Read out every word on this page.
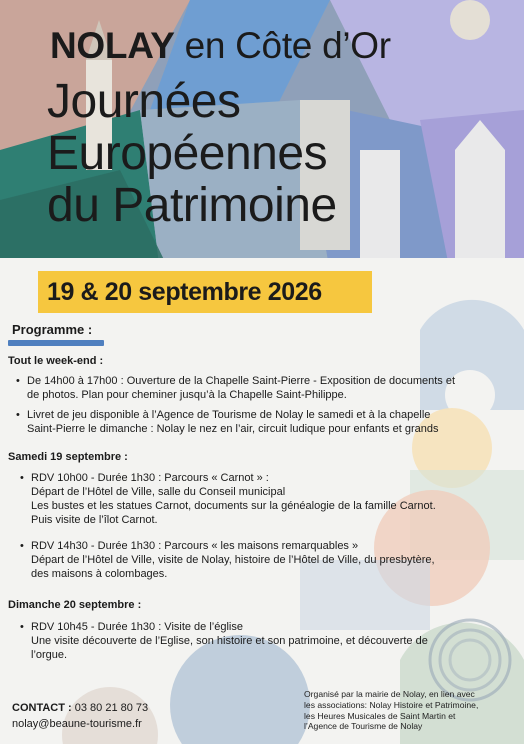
NOLAY en Côte d’Or
Journées
Européennes
du Patrimoine
19 & 20 septembre 2026
Programme :
Tout le week-end :
• De 14h00 à 17h00 : Ouverture de la Chapelle Saint-Pierre - Exposition de documents et
de photos. Plan pour cheminer jusqu’à la Chapelle Saint-Philippe.
• Livret de jeu disponible à l’Agence de Tourisme de Nolay le samedi et à la chapelle
Saint-Pierre le dimanche : Nolay le nez en l’air, circuit ludique pour enfants et grands
Samedi 19 septembre :
• RDV 10h00 - Durée 1h30 : Parcours « Carnot » :
Départ de l’Hôtel de Ville, salle du Conseil municipal
Les bustes et les statues Carnot, documents sur la généalogie de la famille Carnot.
Puis visite de l’îlot Carnot.
• RDV 14h30 - Durée 1h30 : Parcours « les maisons remarquables »
Départ de l’Hôtel de Ville, visite de Nolay, histoire de l’Hôtel de Ville, du presbytère,
des maisons à colombages.
Dimanche 20 septembre :
• RDV 10h45 - Durée 1h30 : Visite de l’église
Une visite découverte de l’Eglise, son histoire et son patrimoine, et découverte de
l’orgue.
CONTACT : 03 80 21 80 73
nolay@beaune-tourisme.fr
Organisé par la mairie de Nolay, en lien avec
les associations: Nolay Histoire et Patrimoine,
les Heures Musicales de Saint Martin et
l’Agence de Tourisme de Nolay
